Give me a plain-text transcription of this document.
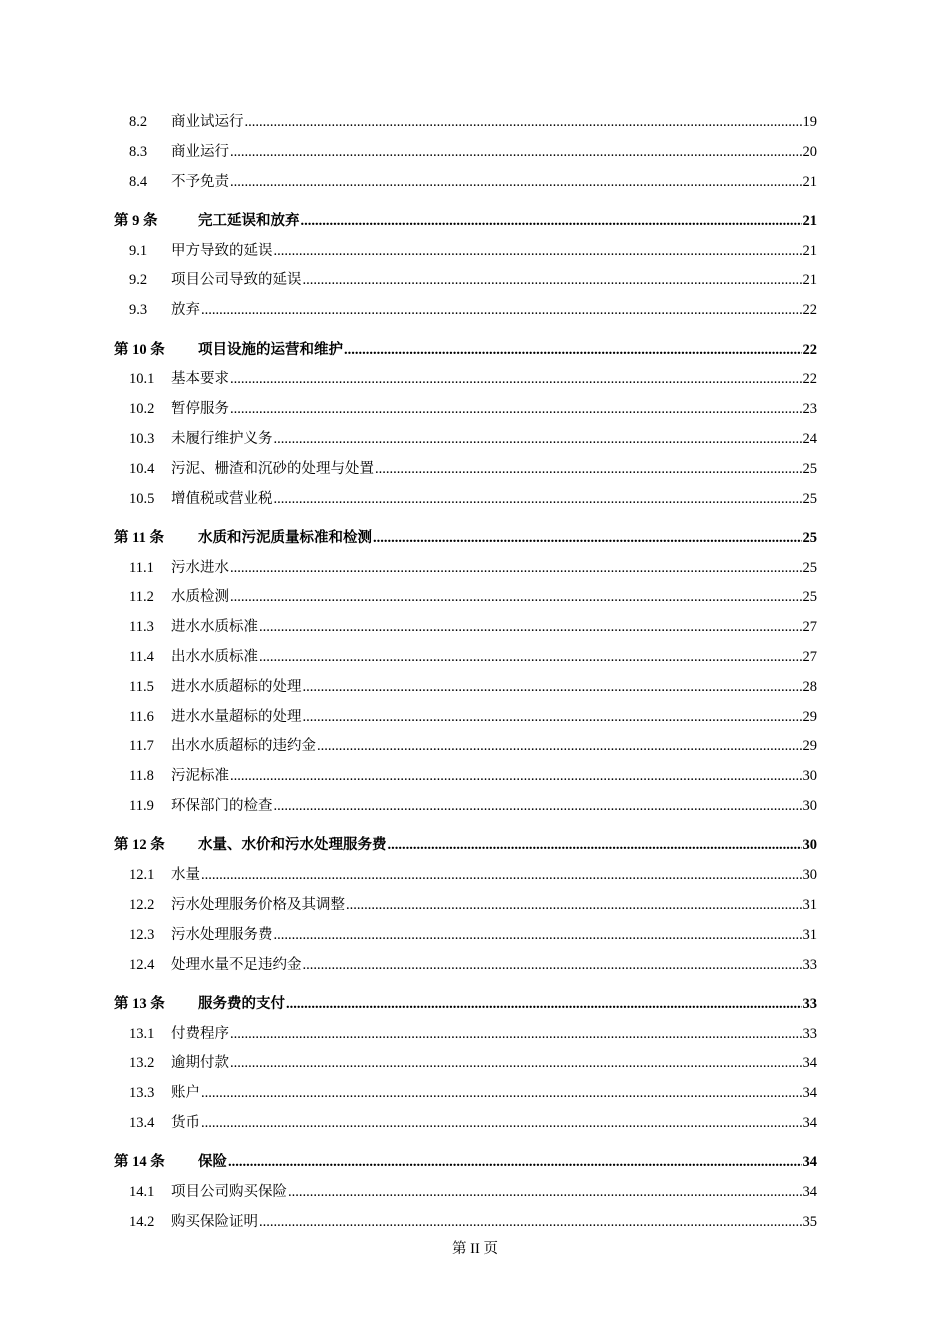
8.2	商业试运行 .....	19
8.3	商业运行 .....	20
8.4	不予免责 .....	21
第 9 条	完工延误和放弃 .....	21
9.1	甲方导致的延误 .....	21
9.2	项目公司导致的延误 .....	21
9.3	放弃 .....	22
第 10 条	项目设施的运营和维护 .....	22
10.1	基本要求 .....	22
10.2	暂停服务 .....	23
10.3	未履行维护义务 .....	24
10.4	污泥、栅渣和沉砂的处理与处置 .....	25
10.5	增值税或营业税 .....	25
第 11 条	水质和污泥质量标准和检测 .....	25
11.1	污水进水 .....	25
11.2	水质检测 .....	25
11.3	进水水质标准 .....	27
11.4	出水水质标准 .....	27
11.5	进水水质超标的处理 .....	28
11.6	进水水量超标的处理 .....	29
11.7	出水水质超标的违约金 .....	29
11.8	污泥标准 .....	30
11.9	环保部门的检查 .....	30
第 12 条	水量、水价和污水处理服务费 .....	30
12.1	水量 .....	30
12.2	污水处理服务价格及其调整 .....	31
12.3	污水处理服务费 .....	31
12.4	处理水量不足违约金 .....	33
第 13 条	服务费的支付 .....	33
13.1	付费程序 .....	33
13.2	逾期付款 .....	34
13.3	账户 .....	34
13.4	货币 .....	34
第 14 条	保险 .....	34
14.1	项目公司购买保险 .....	34
14.2	购买保险证明 .....	35
第 II 页
